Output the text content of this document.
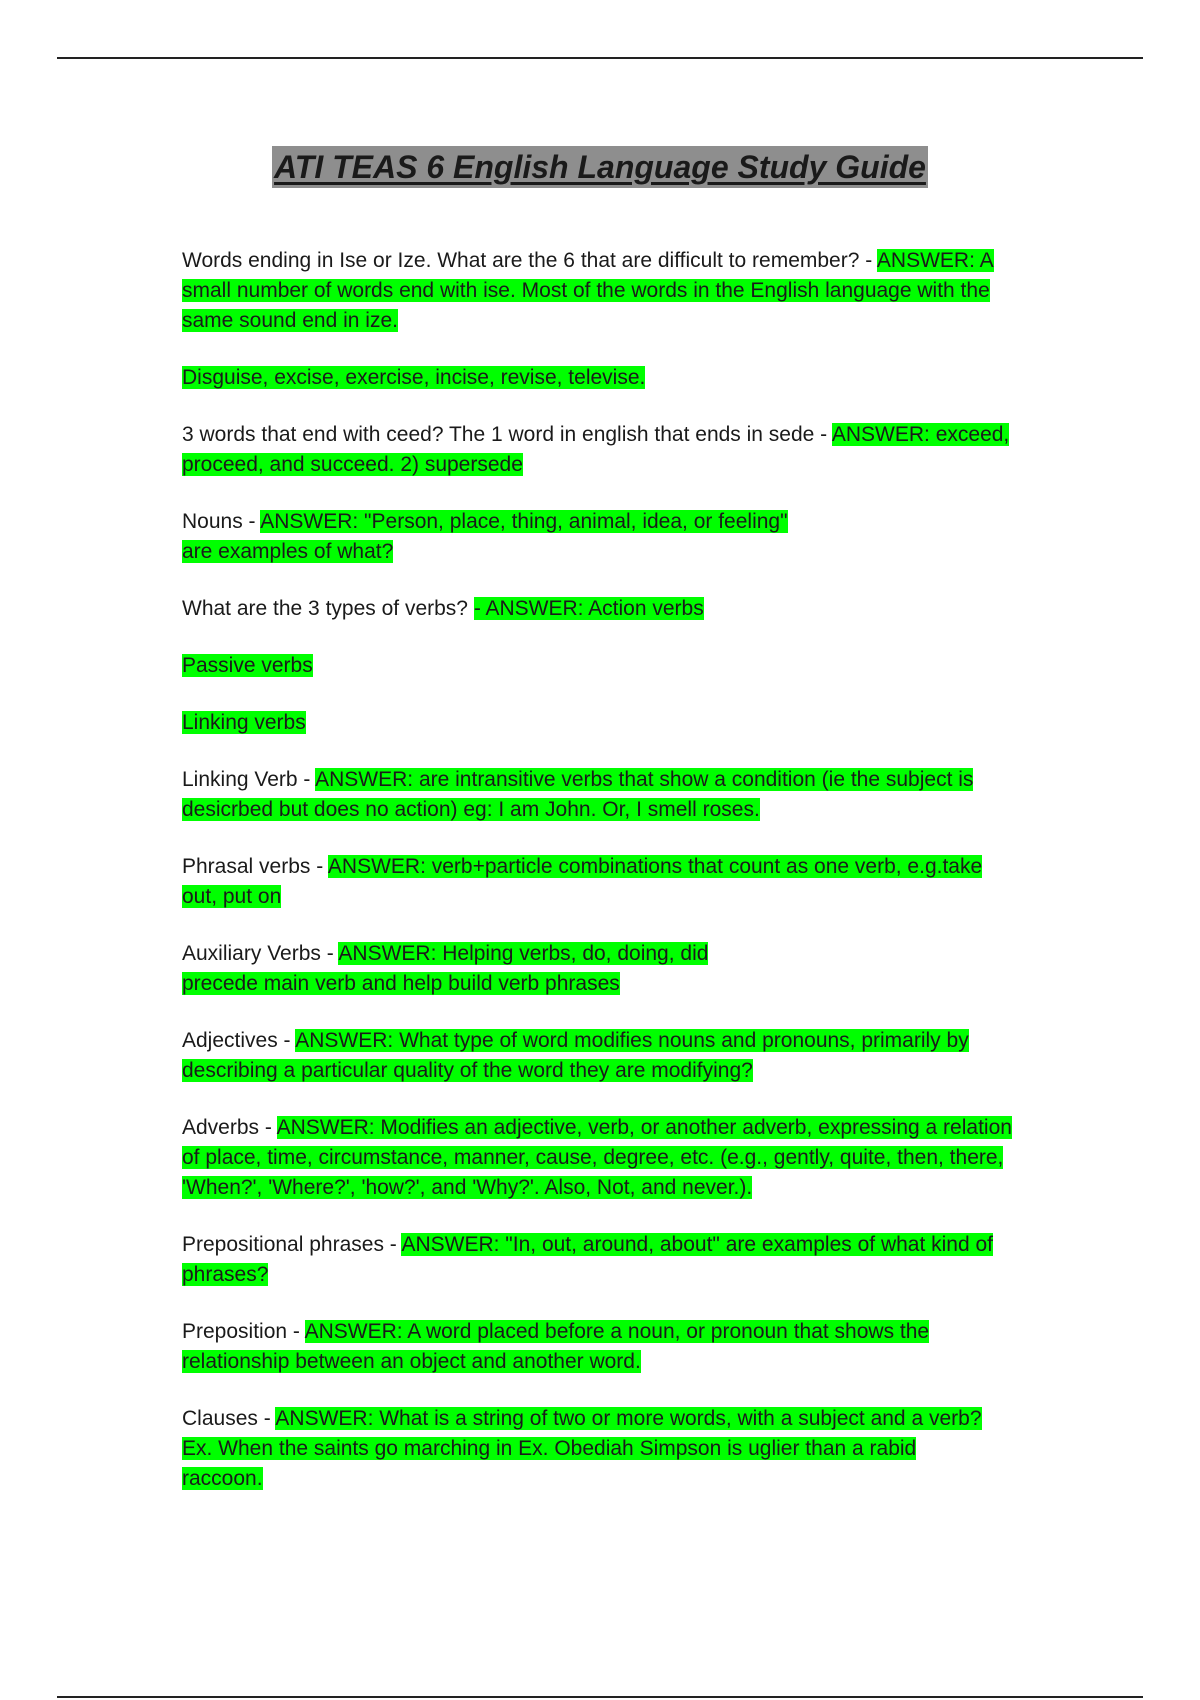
ATI TEAS 6 English Language Study Guide

Words ending in Ise or Ize. What are the 6 that are difficult to remember? - ANSWER: A small number of words end with ise. Most of the words in the English language with the same sound end in ize.

Disguise, excise, exercise, incise, revise, televise.

3 words that end with ceed? The 1 word in english that ends in sede - ANSWER: exceed, proceed, and succeed. 2) supersede

Nouns - ANSWER: "Person, place, thing, animal, idea, or feeling"
are examples of what?

What are the 3 types of verbs? - ANSWER: Action verbs

Passive verbs

Linking verbs

Linking Verb - ANSWER: are intransitive verbs that show a condition (ie the subject is desicrbed but does no action) eg: I am John. Or, I smell roses.

Phrasal verbs - ANSWER: verb+particle combinations that count as one verb, e.g.take out, put on

Auxiliary Verbs - ANSWER: Helping verbs, do, doing, did
precede main verb and help build verb phrases

Adjectives - ANSWER: What type of word modifies nouns and pronouns, primarily by describing a particular quality of the word they are modifying?

Adverbs - ANSWER: Modifies an adjective, verb, or another adverb, expressing a relation of place, time, circumstance, manner, cause, degree, etc. (e.g., gently, quite, then, there, 'When?', 'Where?', 'how?', and 'Why?'. Also, Not, and never.).

Prepositional phrases - ANSWER: "In, out, around, about" are examples of what kind of phrases?

Preposition - ANSWER: A word placed before a noun, or pronoun that shows the relationship between an object and another word.

Clauses - ANSWER: What is a string of two or more words, with a subject and a verb?
Ex. When the saints go marching in Ex. Obediah Simpson is uglier than a rabid
raccoon.
